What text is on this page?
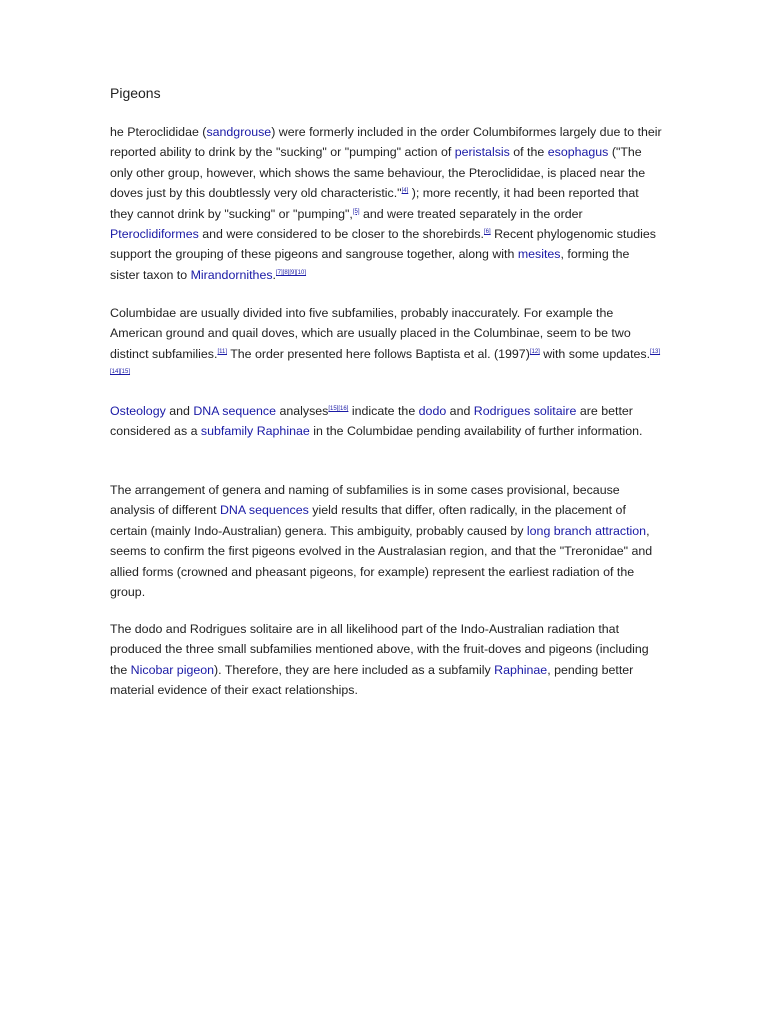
Pigeons

he Pteroclididae (sandgrouse) were formerly included in the order Columbiformes largely due to their reported ability to drink by the "sucking" or "pumping" action of peristalsis of the esophagus ("The only other group, however, which shows the same behaviour, the Pteroclididae, is placed near the doves just by this doubtlessly very old characteristic."[4] ); more recently, it had been reported that they cannot drink by "sucking" or "pumping",[5] and were treated separately in the order Pteroclidiformes and were considered to be closer to the shorebirds.[6] Recent phylogenomic studies support the grouping of these pigeons and sangrouse together, along with mesites, forming the sister taxon to Mirandornithes.[7][8][9][10]

Columbidae are usually divided into five subfamilies, probably inaccurately. For example the American ground and quail doves, which are usually placed in the Columbinae, seem to be two distinct subfamilies.[11] The order presented here follows Baptista et al. (1997)[12] with some updates.[13][14][15]

Osteology and DNA sequence analyses[15][16] indicate the dodo and Rodrigues solitaire are better considered as a subfamily Raphinae in the Columbidae pending availability of further information.

The arrangement of genera and naming of subfamilies is in some cases provisional, because analysis of different DNA sequences yield results that differ, often radically, in the placement of certain (mainly Indo-Australian) genera. This ambiguity, probably caused by long branch attraction, seems to confirm the first pigeons evolved in the Australasian region, and that the "Treronidae" and allied forms (crowned and pheasant pigeons, for example) represent the earliest radiation of the group.

The dodo and Rodrigues solitaire are in all likelihood part of the Indo-Australian radiation that produced the three small subfamilies mentioned above, with the fruit-doves and pigeons (including the Nicobar pigeon). Therefore, they are here included as a subfamily Raphinae, pending better material evidence of their exact relationships.
